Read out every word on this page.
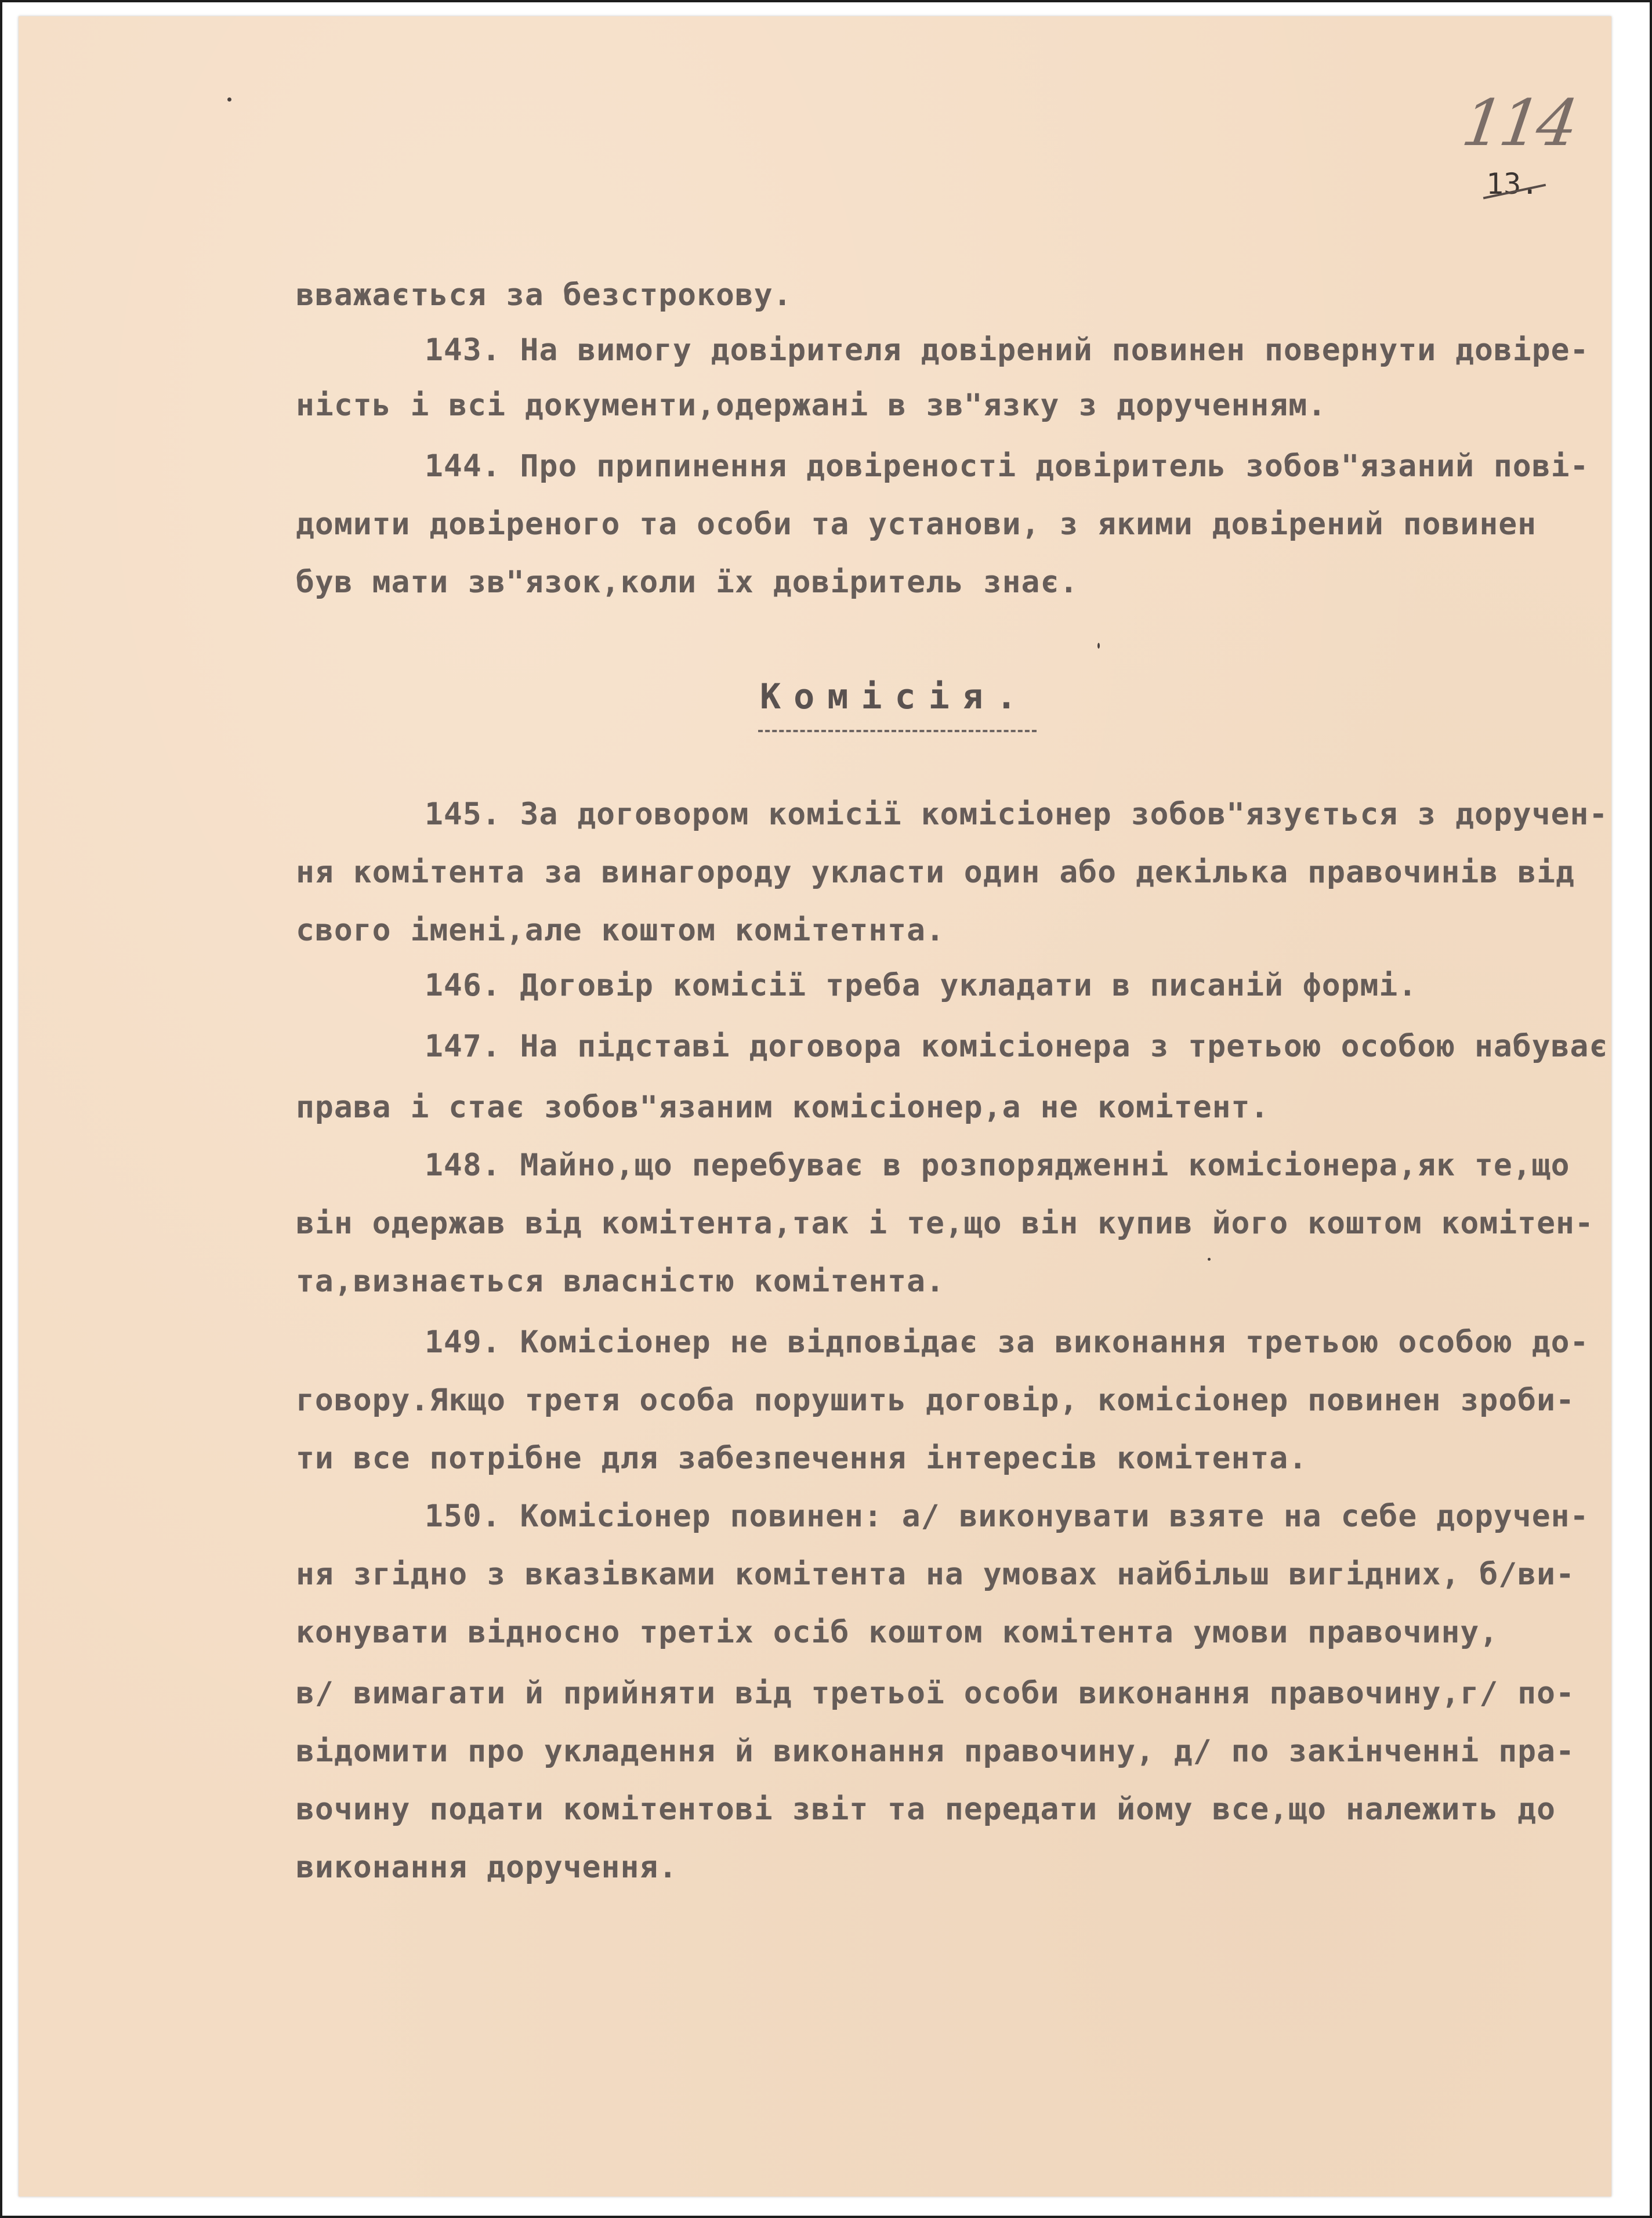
114
13.
вважається за безстрокову.
143. На вимогу довірителя довірений повинен повернути довірe-
ність і всі документи,одержані в зв"язку з дорученням.
144. Про припинення довіреності довіритель зобов"язаний пові-
домити довіреного та особи та установи, з якими довірений повинен
був мати зв"язок,коли їх довіритель знає.
Комісія.
145. За договором комісії комісіонер зобов"язується з доручен-
ня комітента за винагороду укласти один або декілька правочинів від
свого імені,але коштом комітетнта.
146. Договір комісії треба укладати в писаній формі.
147. На підставі договора комісіонера з третьою особою набуває
права і стає зобов"язаним комісіонер,а не комітент.
148. Майно,що перебуває в розпорядженні комісіонера,як те,що
він одержав від комітента,так і те,що він купив його коштом комітен-
та,визнається власністю комітента.
149. Комісіонер не відповідає за виконання третьою особою до-
говору.Якщо третя особа порушить договір, комісіонер повинен зроби-
ти все потрібне для забезпечення інтересів комітента.
150. Комісіонер повинен: а/ виконувати взяте на себе доручен-
ня згідно з вказівками комітента на умовах найбільш вигідних, б/ви-
конувати відносно третіх осіб коштом комітента умови правочину,
в/ вимагати й прийняти від третьої особи виконання правочину,г/ по-
відомити про укладення й виконання правочину, д/ по закінченні пра-
вочину подати комітентові звіт та передати йому все,що належить до
виконання доручення.
